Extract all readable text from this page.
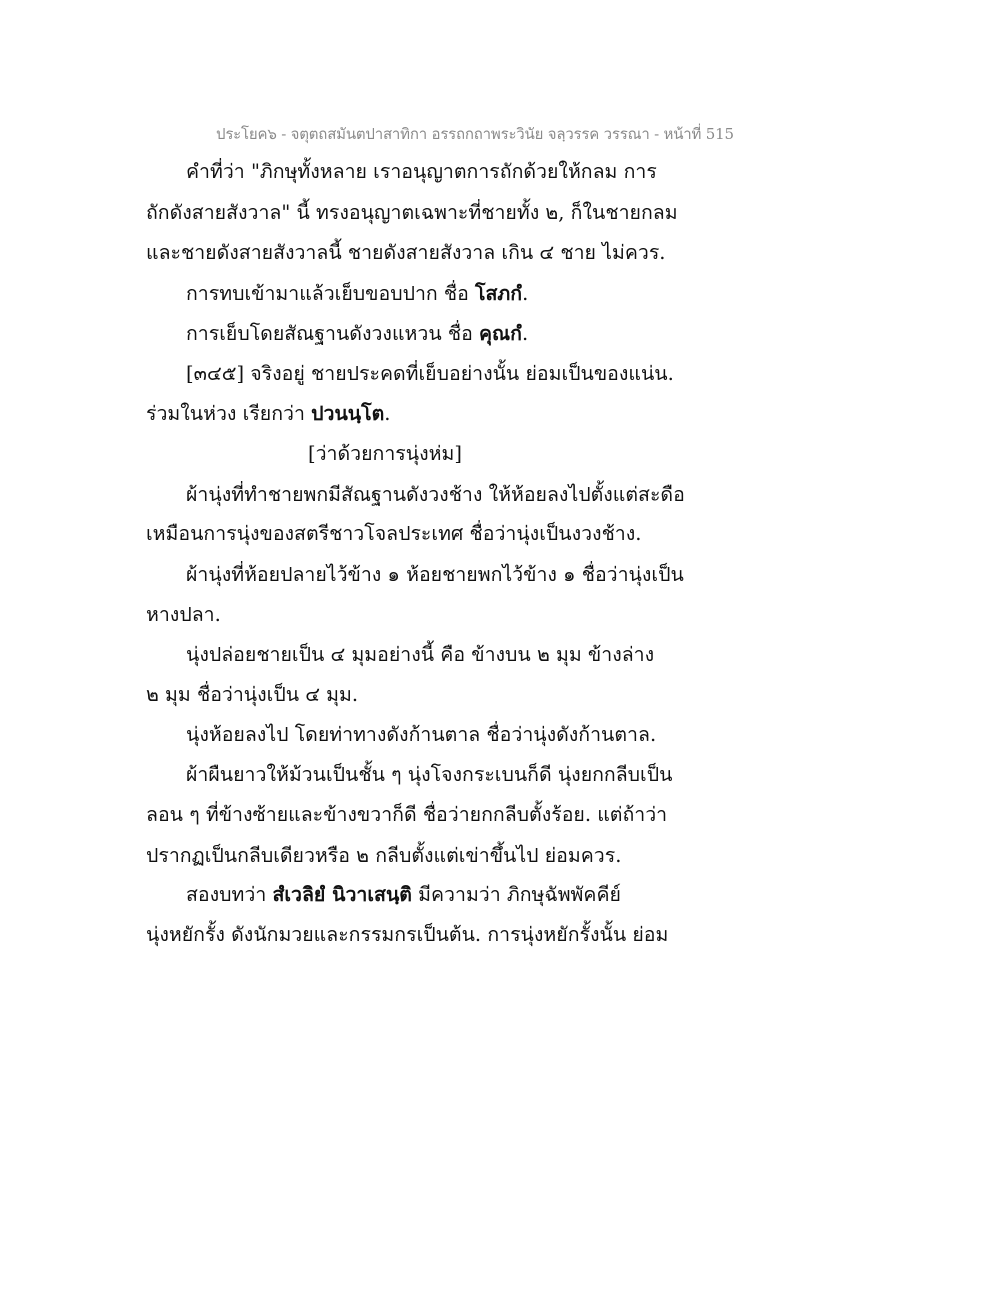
ประโยค๖ - จตุตถสมันตปาสาทิกา อรรถกถาพระวินัย จลฺวรรค วรรณา - หน้าที่ 515
คำที่ว่า "ภิกษุทั้งหลาย เราอนุญาตการถักด้วยให้กลม การ
ถักดังสายสังวาล" นี้ ทรงอนุญาตเฉพาะที่ชายทั้ง ๒, ก็ในชายกลม
และชายดังสายสังวาลนี้ ชายดังสายสังวาล เกิน ๔ ชาย ไม่ควร.
การทบเข้ามาแล้วเย็บขอบปาก ชื่อ โสภกํ.
การเย็บโดยสัณฐานดังวงแหวน ชื่อ คุณกํ.
[๓๔๕] จริงอยู่ ชายประคดที่เย็บอย่างนั้น ย่อมเป็นของแน่น.
ร่วมในห่วง เรียกว่า ปวนนฺโต.
[ว่าด้วยการนุ่งห่ม]
ผ้านุ่งที่ทำชายพกมีสัณฐานดังวงช้าง ให้ห้อยลงไปตั้งแต่สะดือ
เหมือนการนุ่งของสตรีชาวโจลประเทศ ชื่อว่านุ่งเป็นงวงช้าง.
ผ้านุ่งที่ห้อยปลายไว้ข้าง ๑ ห้อยชายพกไว้ข้าง ๑ ชื่อว่านุ่งเป็น
หางปลา.
นุ่งปล่อยชายเป็น ๔ มุมอย่างนี้ คือ ข้างบน ๒ มุม ข้างล่าง
๒ มุม ชื่อว่านุ่งเป็น ๔ มุม.
นุ่งห้อยลงไป โดยท่าทางดังก้านตาล ชื่อว่านุ่งดังก้านตาล.
ผ้าผืนยาวให้ม้วนเป็นชั้น ๆ นุ่งโจงกระเบนก็ดี นุ่งยกกลีบเป็น
ลอน ๆ ที่ข้างซ้ายและข้างขวาก็ดี ชื่อว่ายกกลีบตั้งร้อย. แต่ถ้าว่า
ปรากฏเป็นกลีบเดียวหรือ ๒ กลีบตั้งแต่เข่าขึ้นไป ย่อมควร.
สองบทว่า สํเวลิยํ นิวาเสนฺติ มีความว่า ภิกษุฉัพพัคคีย์
นุ่งหยักรั้ง ดังนักมวยและกรรมกรเป็นต้น. การนุ่งหยักรั้งนั้น ย่อม
